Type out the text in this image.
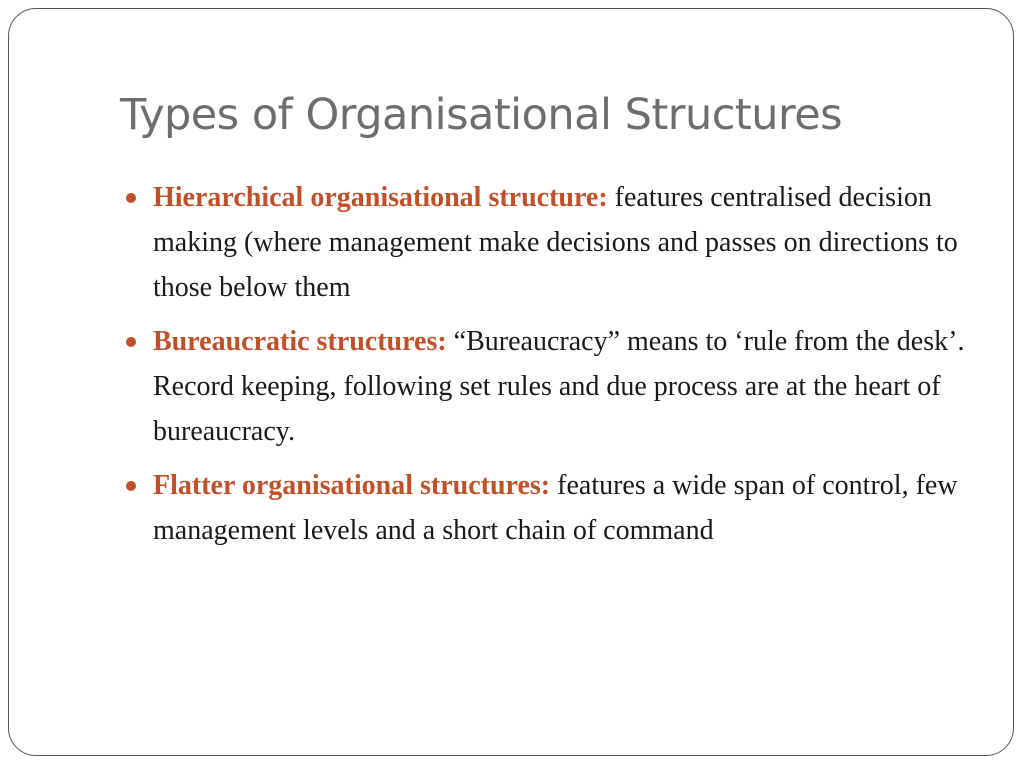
Types of Organisational Structures
Hierarchical organisational structure: features centralised decision making (where management make decisions and passes on directions to those below them
Bureaucratic structures: “Bureaucracy” means to ‘rule from the desk’. Record keeping, following set rules and due process are at the heart of bureaucracy.
Flatter organisational structures: features a wide span of control, few management levels and a short chain of command
